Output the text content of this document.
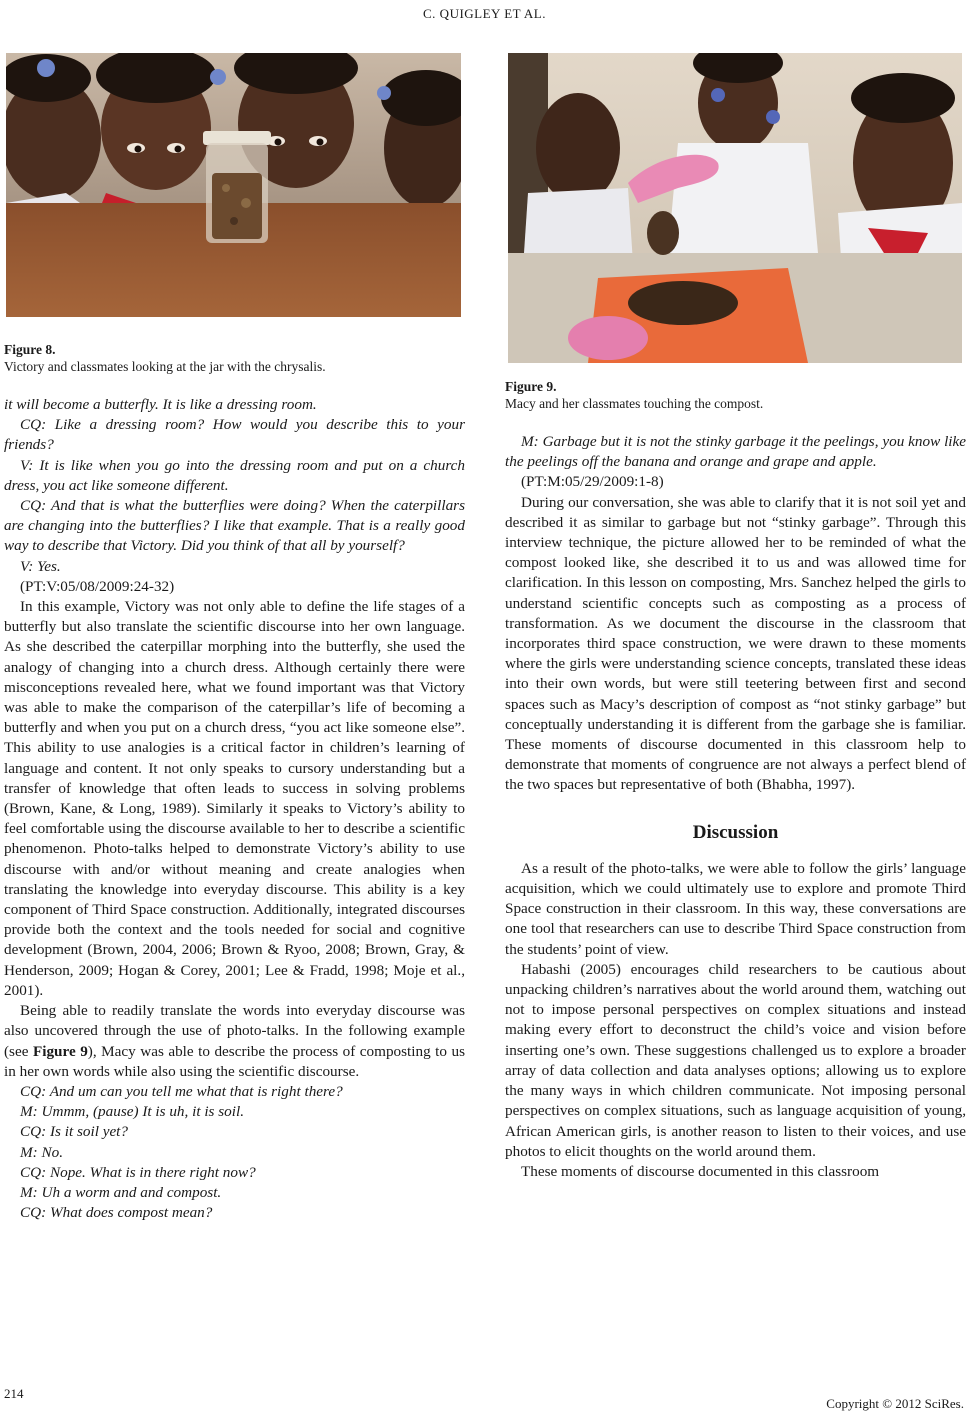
C. QUIGLEY ET AL.
Figure 8.
Victory and classmates looking at the jar with the chrysalis.

it will become a butterfly. It is like a dressing room.

CQ: Like a dressing room? How would you describe this to your friends?

V: It is like when you go into the dressing room and put on a church dress, you act like someone different.

CQ: And that is what the butterflies were doing? When the caterpillars are changing into the butterflies? I like that example. That is a really good way to describe that Victory. Did you think of that all by yourself?

V: Yes.

(PT:V:05/08/2009:24-32)

In this example, Victory was not only able to define the life stages of a butterfly but also translate the scientific discourse into her own language. As she described the caterpillar morphing into the butterfly, she used the analogy of changing into a church dress. Although certainly there were misconceptions revealed here, what we found important was that Victory was able to make the comparison of the caterpillar’s life of becoming a butterfly and when you put on a church dress, “you act like someone else”. This ability to use analogies is a critical factor in children’s learning of language and content. It not only speaks to cursory understanding but a transfer of knowledge that often leads to success in solving problems (Brown, Kane, & Long, 1989). Similarly it speaks to Victory’s ability to feel comfortable using the discourse available to her to describe a scientific phenomenon. Photo-talks helped to demonstrate Victory’s ability to use discourse with and/or without meaning and create analogies when translating the knowledge into everyday discourse. This ability is a key component of Third Space construction. Additionally, integrated discourses provide both the context and the tools needed for social and cognitive development (Brown, 2004, 2006; Brown & Ryoo, 2008; Brown, Gray, & Henderson, 2009; Hogan & Corey, 2001; Lee & Fradd, 1998; Moje et al., 2001).

Being able to readily translate the words into everyday discourse was also uncovered through the use of photo-talks. In the following example (see Figure 9), Macy was able to describe the process of composting to us in her own words while also using the scientific discourse.

CQ: And um can you tell me what that is right there?

M: Ummm, (pause) It is uh, it is soil.

CQ: Is it soil yet?

M: No.

CQ: Nope. What is in there right now?

M: Uh a worm and and compost.

CQ: What does compost mean?

Figure 9.
Macy and her classmates touching the compost.

M: Garbage but it is not the stinky garbage it the peelings, you know like the peelings off the banana and orange and grape and apple.

(PT:M:05/29/2009:1-8)

During our conversation, she was able to clarify that it is not soil yet and described it as similar to garbage but not “stinky garbage”. Through this interview technique, the picture allowed her to be reminded of what the compost looked like, she described it to us and was allowed time for clarification. In this lesson on composting, Mrs. Sanchez helped the girls to understand scientific concepts such as composting as a process of transformation. As we document the discourse in the classroom that incorporates third space construction, we were drawn to these moments where the girls were understanding science concepts, translated these ideas into their own words, but were still teetering between first and second spaces such as Macy’s description of compost as “not stinky garbage” but conceptually understanding it is different from the garbage she is familiar. These moments of discourse documented in this classroom help to demonstrate that moments of congruence are not always a perfect blend of the two spaces but representative of both (Bhabha, 1997).

Discussion

As a result of the photo-talks, we were able to follow the girls’ language acquisition, which we could ultimately use to explore and promote Third Space construction in their classroom. In this way, these conversations are one tool that researchers can use to describe Third Space construction from the students’ point of view.

Habashi (2005) encourages child researchers to be cautious about unpacking children’s narratives about the world around them, watching out not to impose personal perspectives on complex situations and instead making every effort to deconstruct the child’s voice and vision before inserting one’s own. These suggestions challenged us to explore a broader array of data collection and data analyses options; allowing us to explore the many ways in which children communicate. Not imposing personal perspectives on complex situations, such as language acquisition of young, African American girls, is another reason to listen to their voices, and use photos to elicit thoughts on the world around them.

These moments of discourse documented in this classroom

214
Copyright © 2012 SciRes.
